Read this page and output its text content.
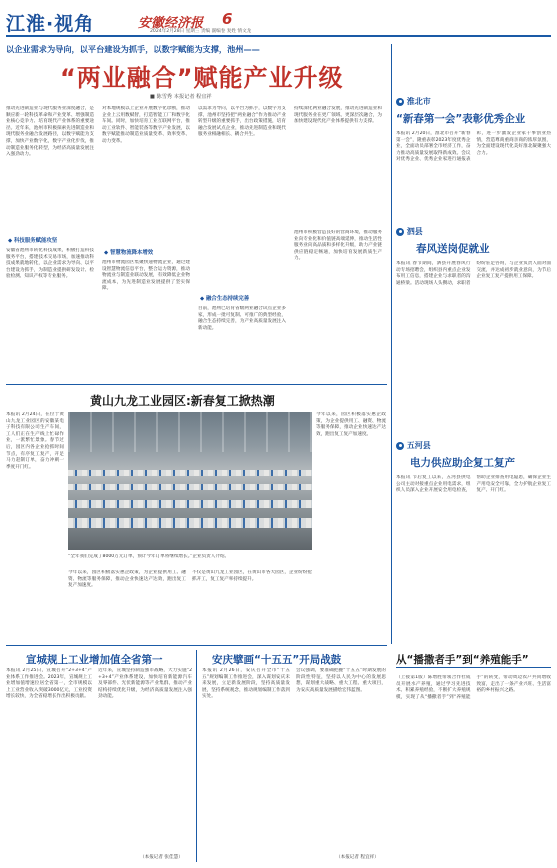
江淮·视角	安徽经济报 6
2024年2月28日 星期三 责编 副编卷 复姓 情文龙
以企业需求为导向，以平台建设为抓手，以数字赋能为支撑，池州——
“两业融合”赋能产业升级
■ 陈雪秀 本报记者 程宜祥
推动先进制造业与现代服务业深度融合，是顺应新一轮科技革命和产业变革、增强制造业核心竞争力、培育现代产业体系的重要途径。近年来，池州市积极探索先进制造业和现代服务业融合发展路径，以数字赋能为支撑，加快产业数字化，数字产业化步伐，推动制造业服务化转型，为经济高质量发展注入强劲动力。
◆ 科技服务赋能攻坚
安徽省池州市转化科技成果，积极打造科技服务平台，搭建技术交易市场，加速推动科技成果就地转化，以企业需求为导向、以平台建设为抓手，为制造业提供研发设计、检验检测、知识产权等专业服务。
对本地规模以上企业开展数字化诊断，推动企业上云用数赋智，打造智能工厂和数字化车间。同时，加快培育工业互联网平台，推动工业软件、智能装备等数字产业发展，以数字赋能推动制造业质量变革、效率变革、动力变革。
◆ 智慧物流降本增效
池州市物流园区集聚快递物流企业，通过建设智慧物流信息平台，整合运力资源，推动物流业与制造业联动发展，有效降低企业物流成本，为先进制造业发展提供了坚实保障。
以需求为导向，以平台为抓手，以数字为支撑，池州市坚持把“两业融合”作为推动产业转型升级的重要抓手，出台政策措施，培育融合发展试点企业，推动先进制造业和现代服务业相融相长、耦合共生。
◆ 融合生态持续完善
目前，池州已培育省级两业融合试点企业多家，形成一批可复制、可推广的典型经验，融合生态持续完善，为产业高质量发展注入新动能。
持续深化两业融合发展，推动先进制造业和现代服务业在更广领域、更深层次融合，为加快建设现代化产业体系提供有力支撑。
池州市积极营造良好的营商环境，推动服务业向专业化和价值链高端延伸，推动生活性服务业向高品质和多样化升级，助力产业链供应链稳定畅通，加快培育发展新质生产力。
淮北市
“新春第一会”表彰优秀企业
本报讯 2月20日，淮北市召开“新春第一会”，隆重表彰2023年度优秀企业，全面动员部署全市经济工作，奋力推动高质量发展取得新成效。会议对优秀企业、优秀企业家进行通报表彰，进一步激发企业家干事创业热情，营造尊商重商亲商的浓厚氛围，为全面建设现代化美好淮北凝聚强大合力。
泗县
春风送岗促就业
本报讯 春节期间，泗县开展春风行动专场招聘会，组织县内重点企业发布用工信息，搭建企业与求职者的沟通桥梁。活动现场人头攒动，求职者纷纷驻足咨询，与企业负责人面对面交流，并达成初步就业意向，为节后企业复工复产提供用工保障。
五河县
电力供应助企复工复产
本报讯 节后复工以来，五河县供电公司主动对接重点企业用电需求，组织人员深入企业开展安全用电检查，帮助企业排查用电隐患，确保企业生产用电安全可靠，全力护航企业复工复产、开门红。
从“播撒者手”到“养殖能手”
（上接第1版）陈增胜带领合作社成员开展水产养殖，通过学习先进技术、积累养殖经验，不断扩大养殖规模，实现了从“播撒者手”到“养殖能手”的转变，带动周边农户共同增收致富，走出了一条产业兴旺、生活富裕的乡村振兴之路。
黄山九龙工业园区:新春复工掀热潮
本报讯 2月24日，在位于黄山九龙工业园区的安徽某电子科技有限公司生产车间，工人们正在生产线上忙碌作业，一派繁忙景象。春节过后，园区内各企业抢抓时间节点，有序复工复产，开足马力赶制订单，奋力冲刺一季度开门红。
“全年我们完成了8000万元订单，预计今年订单将继续增长。”企业负责人介绍。
今年以来，园区积极落实惠企政策，为企业提供用工、融资、物流等服务保障，推动企业快速达产达效，跑出复工复产加速度。
不仅是黄山九龙工业园区，在黄山市各大园区，企业纷纷抢抓开工，复工复产率持续提升。
今年以来，园区积极落实惠企政策，为企业提供用工、融资、物流等服务保障，推动企业快速达产达效，跑出复工复产加速度。
宣城规上工业增加值全省第一
本报讯 2月25日，宣城召开“2+3+4”产业体系工作推进会。2023年，宣城规上工业增加值增速位居全省第一，全市规模以上工业营业收入突破3000亿元，工业投资增长较快，为全省稳增长作出积极贡献。
近年来，宣城坚持制造强市战略，大力实施“2+3+4”产业体系建设，加快培育新能源汽车及零部件、光伏新能源等产业集群，推动产业结构持续优化升级，为经济高质量发展注入强劲动能。
（本报记者 张佳慧）
安庆擘画“十五五”开局战鼓
本报讯 2月26日，安庆召开全市“十五五”规划编制工作推进会，深入谋划安庆未来发展，立足新发展阶段，坚持高质量发展，坚持系统观念，推动规划编制工作落到实处。
会议强调，要准确把握“十五五”时期发展的阶段性特征，坚持以人民为中心的发展思想，谋划重大战略、重大工程、重大项目，为安庆高质量发展描绘宏伟蓝图。
（本报记者 程宜祥）
